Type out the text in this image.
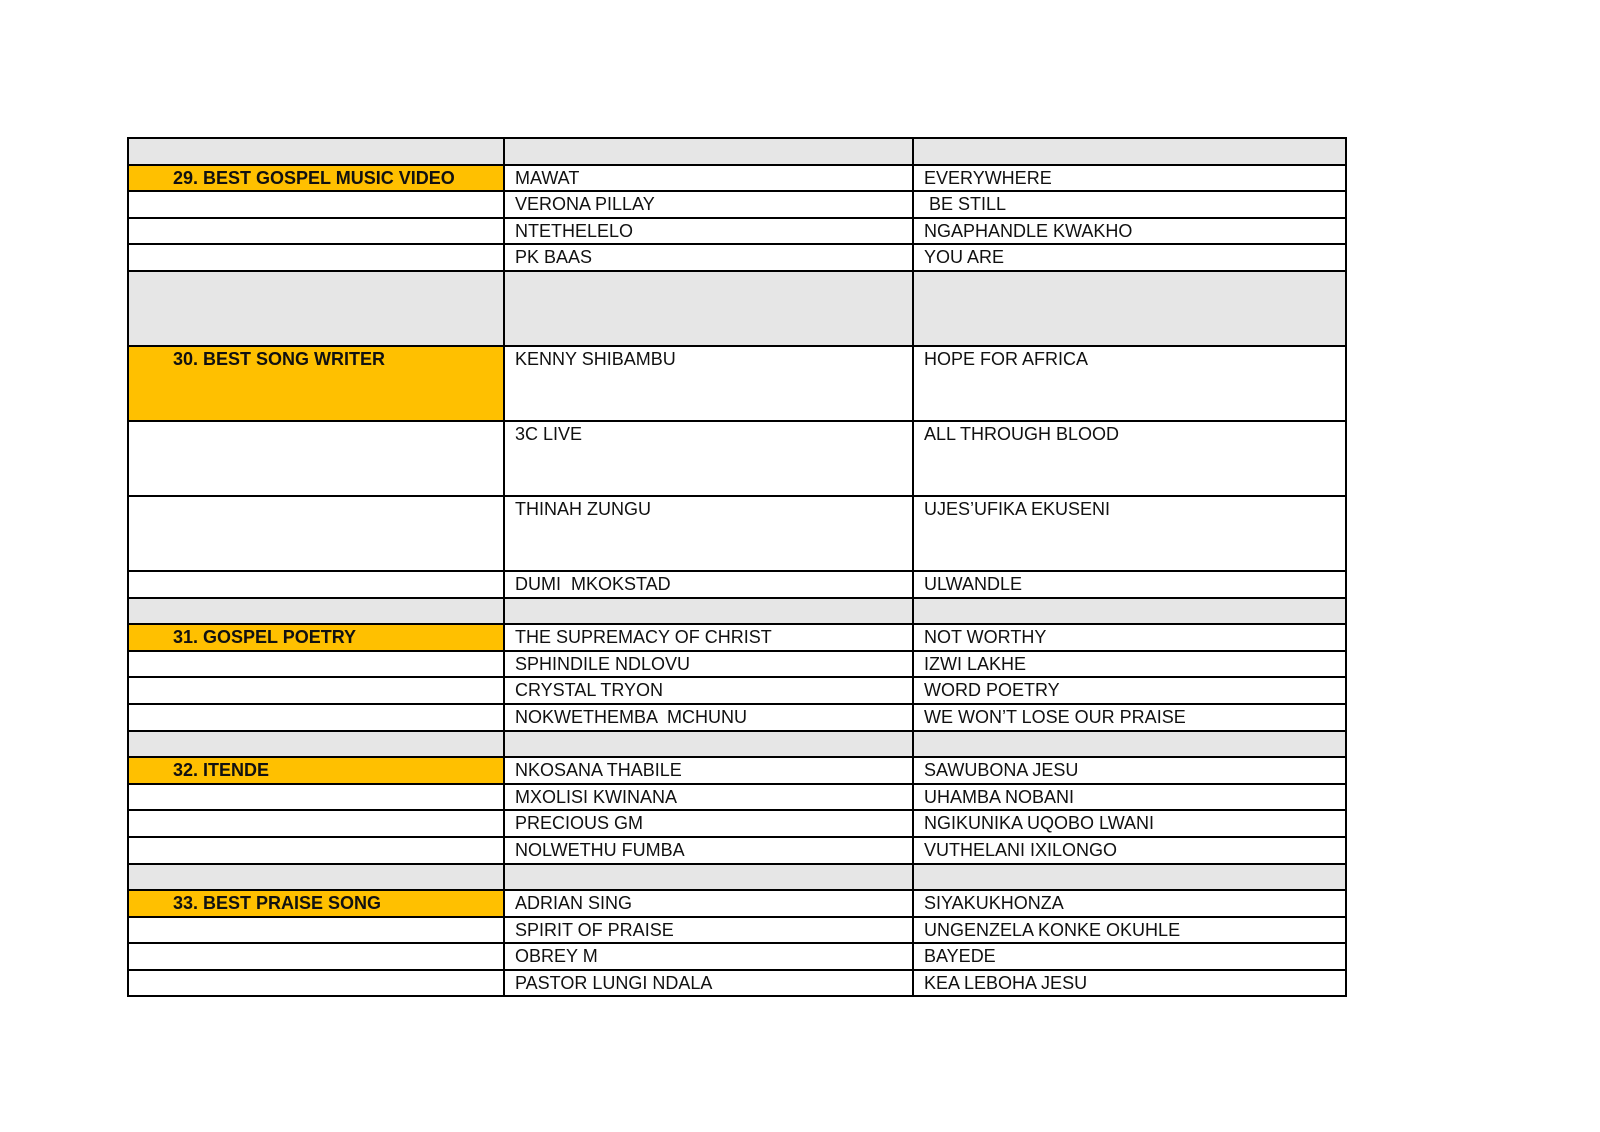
29. BEST GOSPEL MUSIC VIDEO	MAWAT	EVERYWHERE
	VERONA PILLAY	BE STILL
	NTETHELELO	NGAPHANDLE KWAKHO
	PK BAAS	YOU ARE

30. BEST SONG WRITER	KENNY SHIBAMBU	HOPE FOR AFRICA
	3C LIVE	ALL THROUGH BLOOD
	THINAH ZUNGU	UJES’UFIKA EKUSENI
	DUMI  MKOKSTAD	ULWANDLE

31. GOSPEL POETRY	THE SUPREMACY OF CHRIST	NOT WORTHY
	SPHINDILE NDLOVU	IZWI LAKHE
	CRYSTAL TRYON	WORD POETRY
	NOKWETHEMBA  MCHUNU	WE WON’T LOSE OUR PRAISE

32. ITENDE	NKOSANA THABILE	SAWUBONA JESU
	MXOLISI KWINANA	UHAMBA NOBANI
	PRECIOUS GM	NGIKUNIKA UQOBO LWANI
	NOLWETHU FUMBA	VUTHELANI IXILONGO

33. BEST PRAISE SONG	ADRIAN SING	SIYAKUKHONZA
	SPIRIT OF PRAISE	UNGENZELA KONKE OKUHLE
	OBREY M	BAYEDE
	PASTOR LUNGI NDALA	KEA LEBOHA JESU
